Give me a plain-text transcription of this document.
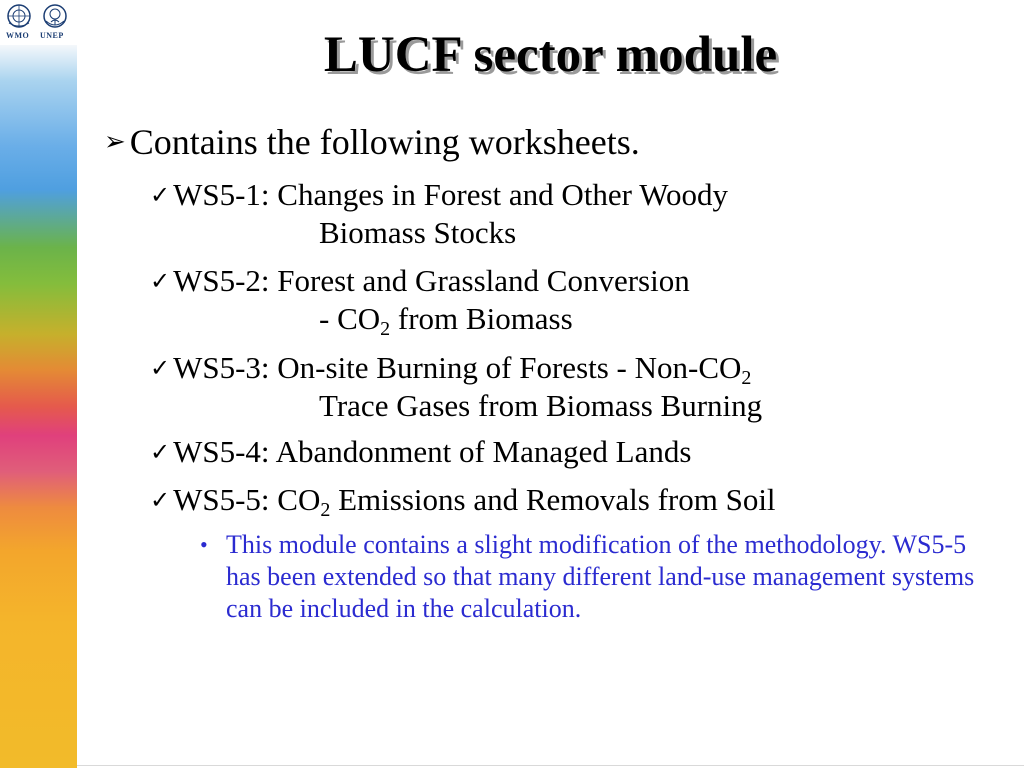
WMO UNEP	LUCF sector module

➢ Contains the following worksheets.

✓WS5-1: Changes in Forest and Other Woody
Biomass Stocks

✓WS5-2: Forest and Grassland Conversion
- $CO_2$ from Biomass

✓WS5-3: On-site Burning of Forests - Non-$CO_2$
Trace Gases from Biomass Burning

✓WS5-4: Abandonment of Managed Lands

✓WS5-5: $CO_2$ Emissions and Removals from Soil

• This module contains a slight modification of the methodology. WS5-5 has been extended so that many different land-use management systems can be included in the calculation.
